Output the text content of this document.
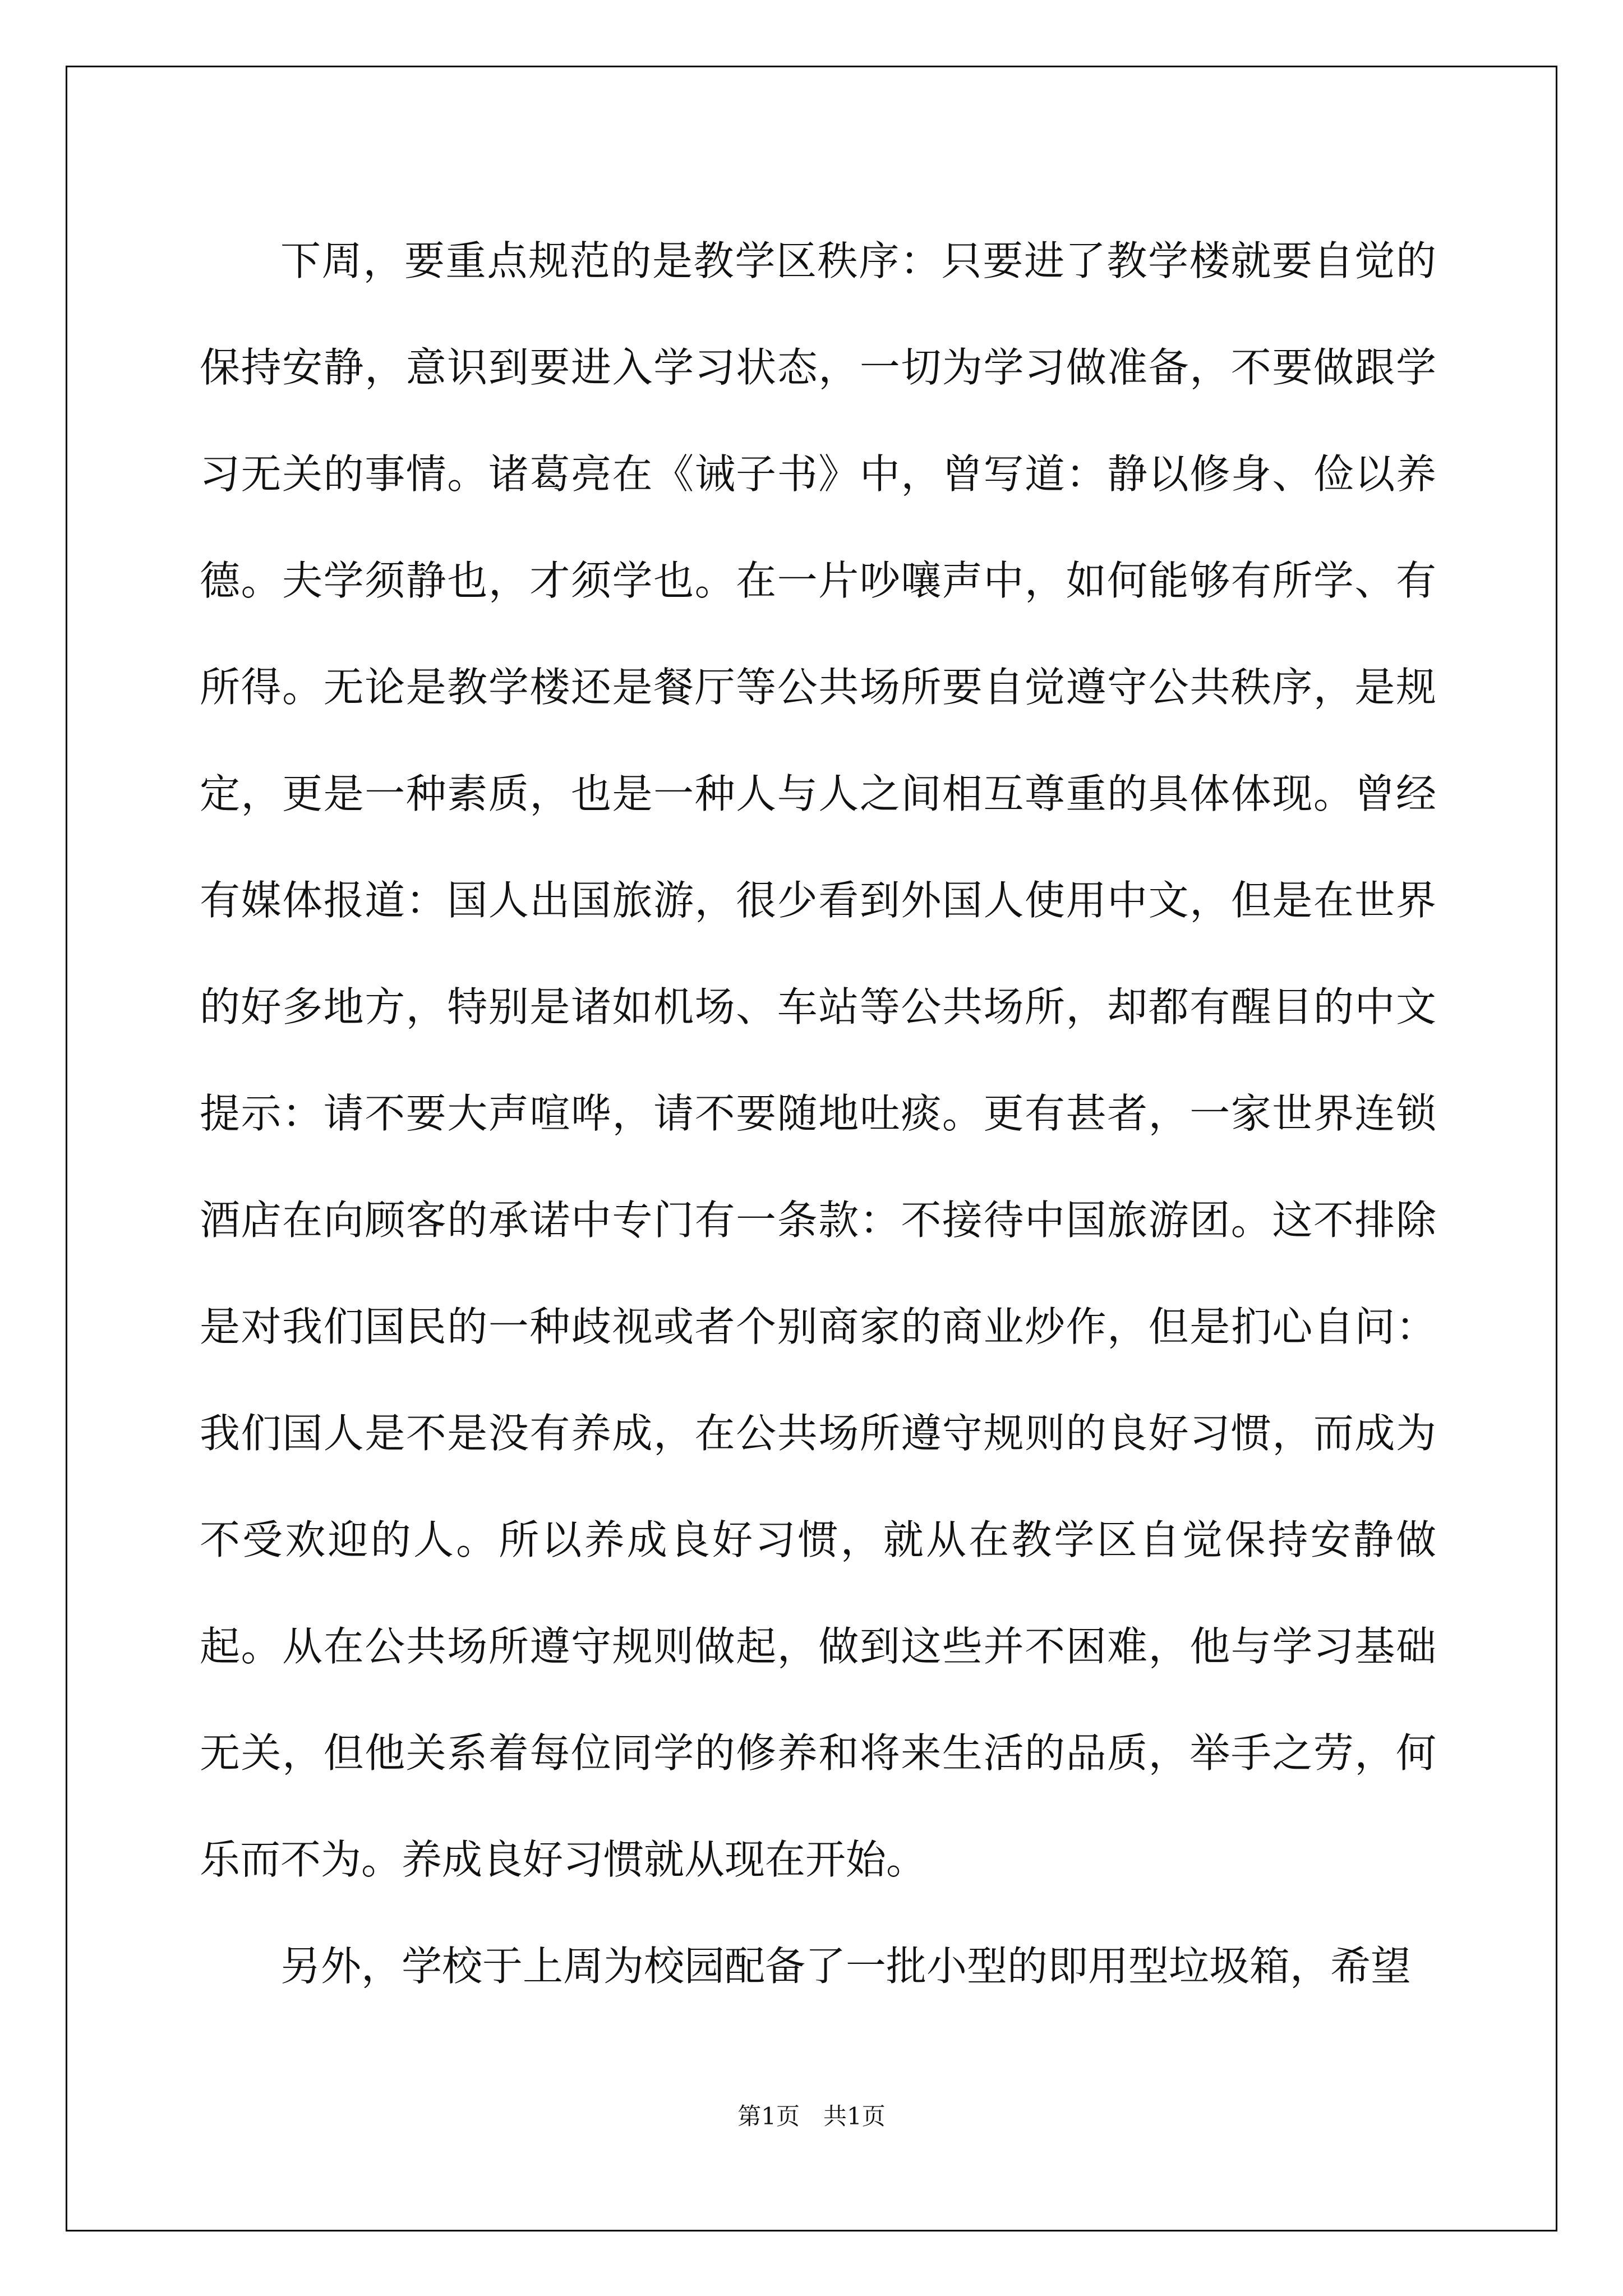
下周，要重点规范的是教学区秩序：只要进了教学楼就要自觉的保持安静，意识到要进入学习状态，一切为学习做准备，不要做跟学习无关的事情。诸葛亮在《诫子书》中，曾写道：静以修身、俭以养德。夫学须静也，才须学也。在一片吵嚷声中，如何能够有所学、有所得。无论是教学楼还是餐厅等公共场所要自觉遵守公共秩序，是规定，更是一种素质，也是一种人与人之间相互尊重的具体体现。曾经有媒体报道：国人出国旅游，很少看到外国人使用中文，但是在世界的好多地方，特别是诸如机场、车站等公共场所，却都有醒目的中文提示：请不要大声喧哗，请不要随地吐痰。更有甚者，一家世界连锁酒店在向顾客的承诺中专门有一条款：不接待中国旅游团。这不排除是对我们国民的一种歧视或者个别商家的商业炒作，但是扪心自问：我们国人是不是没有养成，在公共场所遵守规则的良好习惯，而成为不受欢迎的人。所以养成良好习惯，就从在教学区自觉保持安静做起。从在公共场所遵守规则做起，做到这些并不困难，他与学习基础无关，但他关系着每位同学的修养和将来生活的品质，举手之劳，何乐而不为。养成良好习惯就从现在开始。

另外，学校于上周为校园配备了一批小型的即用型垃圾箱，希望

第1页　共1页
